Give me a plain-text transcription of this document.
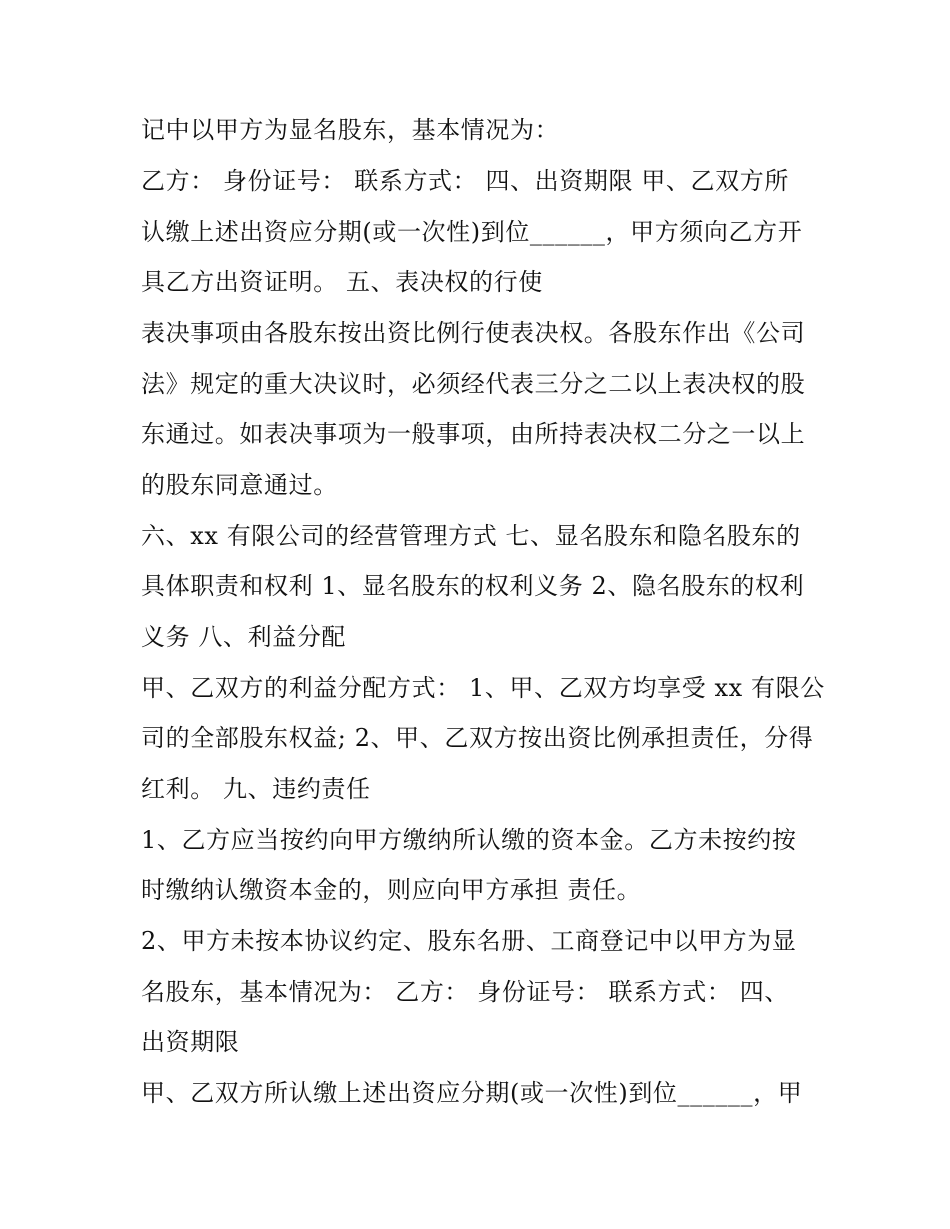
记中以甲方为显名股东，基本情况为：
乙方： 身份证号： 联系方式： 四、出资期限 甲、乙双方所
认缴上述出资应分期(或一次性)到位______，甲方须向乙方开
具乙方出资证明。 五、表决权的行使
表决事项由各股东按出资比例行使表决权。各股东作出《公司
法》规定的重大决议时，必须经代表三分之二以上表决权的股
东通过。如表决事项为一般事项，由所持表决权二分之一以上
的股东同意通过。
六、xx 有限公司的经营管理方式 七、显名股东和隐名股东的
具体职责和权利 1、显名股东的权利义务 2、隐名股东的权利
义务 八、利益分配
甲、乙双方的利益分配方式： 1、甲、乙双方均享受 xx 有限公
司的全部股东权益; 2、甲、乙双方按出资比例承担责任，分得
红利。 九、违约责任
1、乙方应当按约向甲方缴纳所认缴的资本金。乙方未按约按
时缴纳认缴资本金的，则应向甲方承担 责任。
2、甲方未按本协议约定、股东名册、工商登记中以甲方为显
名股东，基本情况为： 乙方： 身份证号： 联系方式： 四、
出资期限
甲、乙双方所认缴上述出资应分期(或一次性)到位______，甲
